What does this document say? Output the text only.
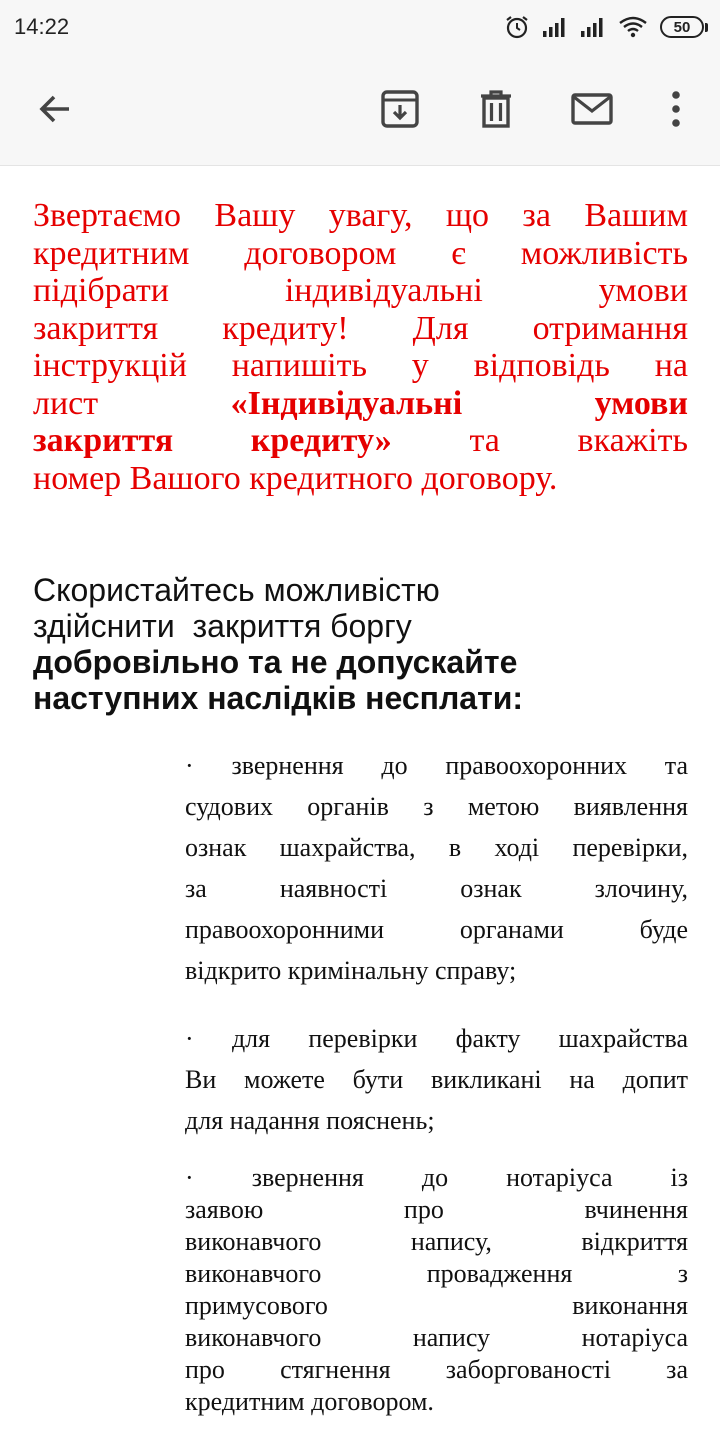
14:22	50
Звертаємо Вашу увагу, що за Вашим
кредитним договором є можливість
підібрати індивідуальні умови
закриття кредиту! Для отримання
інструкцій напишіть у відповідь на
лист	«Індивідуальні умови
закриття кредиту» та вкажіть
номер Вашого кредитного договору.
Скористайтесь можливістю
здійснити  закриття боргу
добровільно та не допускайте
наступних наслідків несплати:
· звернення до правоохоронних та
судових органів з метою виявлення
ознак шахрайства, в ході перевірки,
за наявності ознак злочину,
правоохоронними органами буде
відкрито кримінальну справу;
· для перевірки факту шахрайства
Ви можете бути викликані на допит
для надання пояснень;
· звернення до нотаріуса із
заявою про вчинення
виконавчого напису, відкриття
виконавчого провадження з
примусового виконання
виконавчого напису нотаріуса
про стягнення заборгованості за
кредитним договором.
